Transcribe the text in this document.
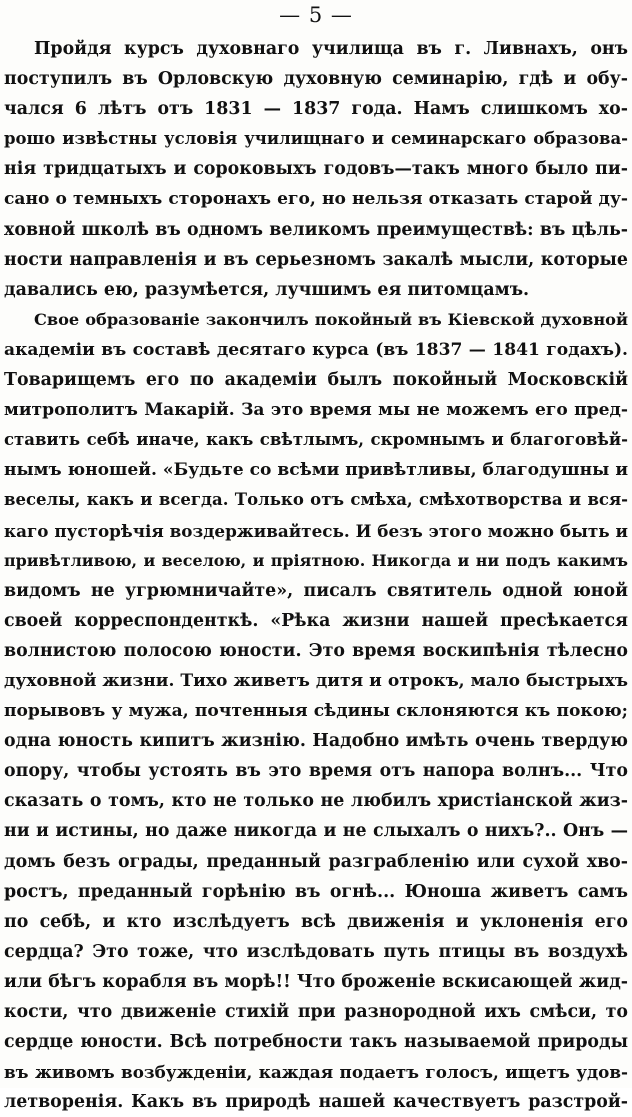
— 5 —
Пройдя курсъ духовнаго училища въ г. Ливнахъ, онъ
поступилъ въ Орловскую духовную семинарію, гдѣ и обу-
чался 6 лѣтъ отъ 1831 — 1837 года. Намъ слишкомъ хо-
рошо извѣстны условія училищнаго и семинарскаго образова-
нія тридцатыхъ и сороковыхъ годовъ—такъ много было пи-
сано о темныхъ сторонахъ его, но нельзя отказать старой ду-
ховной школѣ въ одномъ великомъ преимуществѣ: въ цѣль-
ности направленія и въ серьезномъ закалѣ мысли, которые
давались ею, разумѣется, лучшимъ ея питомцамъ.
Свое образованіе закончилъ покойный въ Кіевской духовной
академіи въ составѣ десятаго курса (въ 1837 — 1841 годахъ).
Товарищемъ его по академіи былъ покойный Московскій
митрополитъ Макарій. За это время мы не можемъ его пред-
ставить себѣ иначе, какъ свѣтлымъ, скромнымъ и благоговѣй-
нымъ юношей. «Будьте со всѣми привѣтливы, благодушны и
веселы, какъ и всегда. Только отъ смѣха, смѣхотворства и вся-
каго пусторѣчія воздерживайтесь. И безъ этого можно быть и
привѣтливою, и веселою, и пріятною. Никогда и ни подъ какимъ
видомъ не угрюмничайте», писалъ святитель одной юной
своей корреспонденткѣ. «Рѣка жизни нашей пресѣкается
волнистою полосою юности. Это время воскипѣнія тѣлесно
духовной жизни. Тихо живетъ дитя и отрокъ, мало быстрыхъ
порывовъ у мужа, почтенныя сѣдины склоняются къ покою;
одна юность кипитъ жизнію. Надобно имѣть очень твердую
опору, чтобы устоять въ это время отъ напора волнъ... Что
сказать о томъ, кто не только не любилъ христіанской жиз-
ни и истины, но даже никогда и не слыхалъ о нихъ?.. Онъ —
домъ безъ ограды, преданный разграбленію или сухой хво-
ростъ, преданный горѣнію въ огнѣ... Юноша живетъ самъ
по себѣ, и кто изслѣдуетъ всѣ движенія и уклоненія его
сердца? Это тоже, что изслѣдовать путь птицы въ воздухѣ
или бѣгъ корабля въ морѣ!! Что броженіе вскисающей жид-
кости, что движеніе стихій при разнородной ихъ смѣси, то
сердце юности. Всѣ потребности такъ называемой природы
въ живомъ возбужденіи, каждая подаетъ голосъ, ищетъ удов-
летворенія. Какъ въ природѣ нашей качествуетъ разстрой-
